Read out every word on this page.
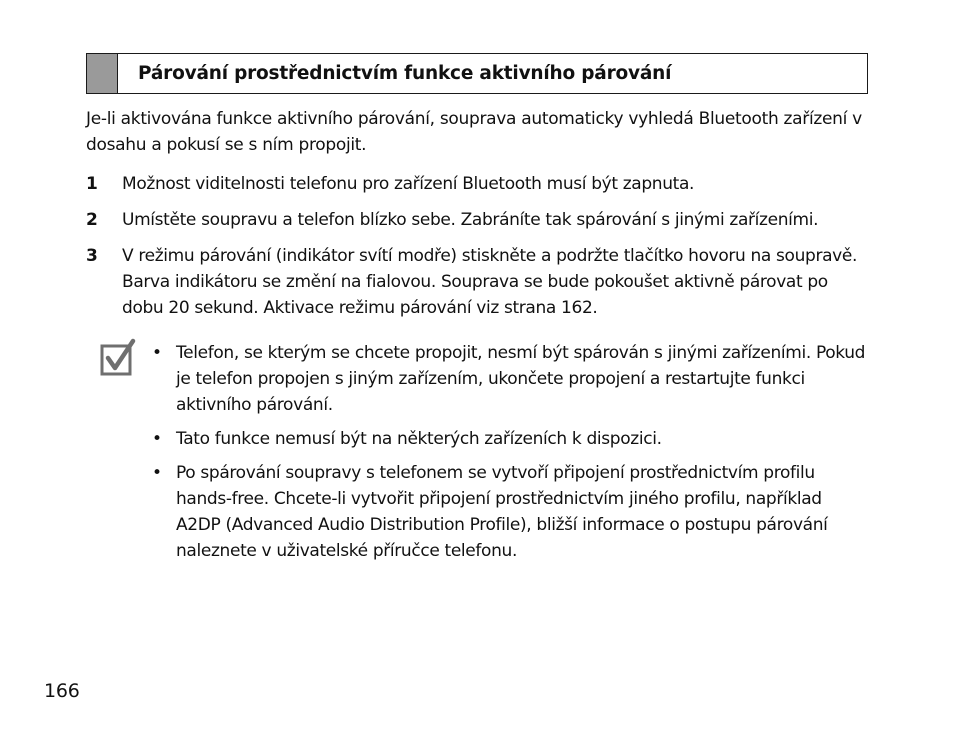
Párování prostřednictvím funkce aktivního párování

Je-li aktivována funkce aktivního párování, souprava automaticky vyhledá Bluetooth zařízení v dosahu a pokusí se s ním propojit.

1	Možnost viditelnosti telefonu pro zařízení Bluetooth musí být zapnuta.
2	Umístěte soupravu a telefon blízko sebe. Zabráníte tak spárování s jinými zařízeními.
3	V režimu párování (indikátor svítí modře) stiskněte a podržte tlačítko hovoru na soupravě. Barva indikátoru se změní na fialovou. Souprava se bude pokoušet aktivně párovat po dobu 20 sekund. Aktivace režimu párování viz strana 162.
• Telefon, se kterým se chcete propojit, nesmí být spárován s jinými zařízeními. Pokud je telefon propojen s jiným zařízením, ukončete propojení a restartujte funkci aktivního párování.
• Tato funkce nemusí být na některých zařízeních k dispozici.
• Po spárování soupravy s telefonem se vytvoří připojení prostřednictvím profilu hands-free. Chcete-li vytvořit připojení prostřednictvím jiného profilu, například A2DP (Advanced Audio Distribution Profile), bližší informace o postupu párování naleznete v uživatelské příručce telefonu.
166
